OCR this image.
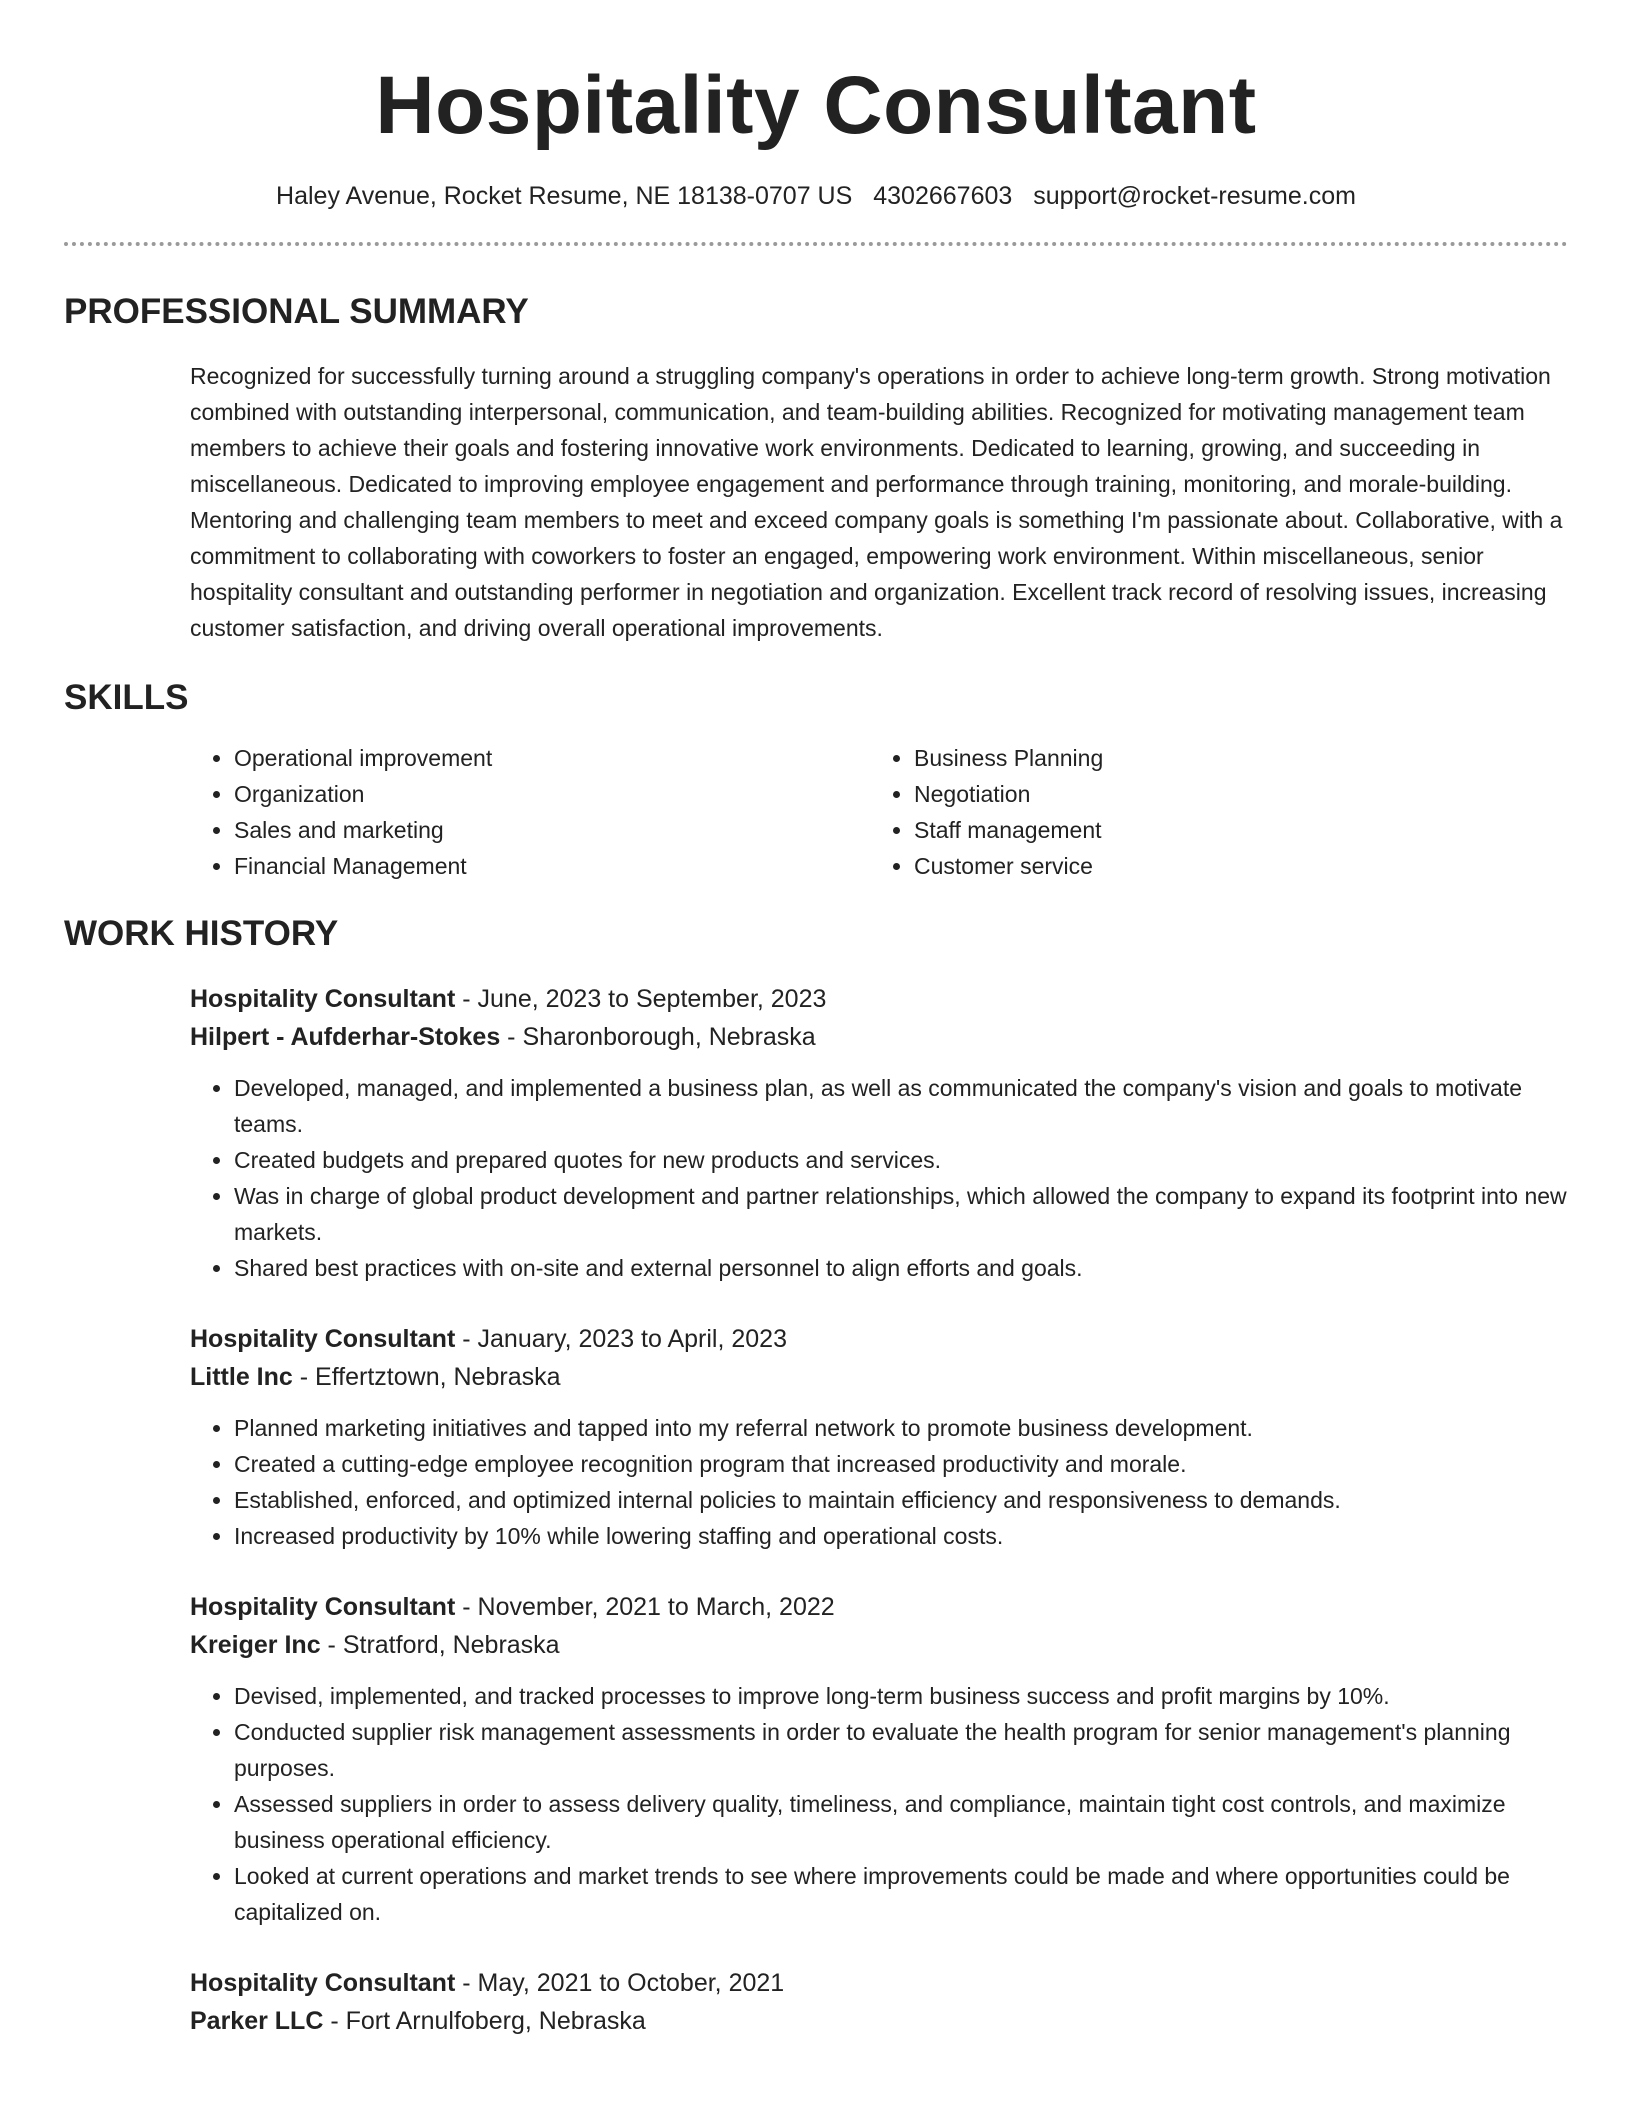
Hospitality Consultant
Haley Avenue, Rocket Resume, NE 18138-0707 US 4302667603 support@rocket-resume.com
PROFESSIONAL SUMMARY
Recognized for successfully turning around a struggling company's operations in order to achieve long-term growth. Strong motivation combined with outstanding interpersonal, communication, and team-building abilities. Recognized for motivating management team members to achieve their goals and fostering innovative work environments. Dedicated to learning, growing, and succeeding in miscellaneous. Dedicated to improving employee engagement and performance through training, monitoring, and morale-building. Mentoring and challenging team members to meet and exceed company goals is something I'm passionate about. Collaborative, with a commitment to collaborating with coworkers to foster an engaged, empowering work environment. Within miscellaneous, senior hospitality consultant and outstanding performer in negotiation and organization. Excellent track record of resolving issues, increasing customer satisfaction, and driving overall operational improvements.
SKILLS
• Operational improvement
• Organization
• Sales and marketing
• Financial Management
• Business Planning
• Negotiation
• Staff management
• Customer service
WORK HISTORY
Hospitality Consultant - June, 2023 to September, 2023
Hilpert - Aufderhar-Stokes - Sharonborough, Nebraska
• Developed, managed, and implemented a business plan, as well as communicated the company's vision and goals to motivate teams.
• Created budgets and prepared quotes for new products and services.
• Was in charge of global product development and partner relationships, which allowed the company to expand its footprint into new markets.
• Shared best practices with on-site and external personnel to align efforts and goals.
Hospitality Consultant - January, 2023 to April, 2023
Little Inc - Effertztown, Nebraska
• Planned marketing initiatives and tapped into my referral network to promote business development.
• Created a cutting-edge employee recognition program that increased productivity and morale.
• Established, enforced, and optimized internal policies to maintain efficiency and responsiveness to demands.
• Increased productivity by 10% while lowering staffing and operational costs.
Hospitality Consultant - November, 2021 to March, 2022
Kreiger Inc - Stratford, Nebraska
• Devised, implemented, and tracked processes to improve long-term business success and profit margins by 10%.
• Conducted supplier risk management assessments in order to evaluate the health program for senior management's planning purposes.
• Assessed suppliers in order to assess delivery quality, timeliness, and compliance, maintain tight cost controls, and maximize business operational efficiency.
• Looked at current operations and market trends to see where improvements could be made and where opportunities could be capitalized on.
Hospitality Consultant - May, 2021 to October, 2021
Parker LLC - Fort Arnulfoberg, Nebraska
